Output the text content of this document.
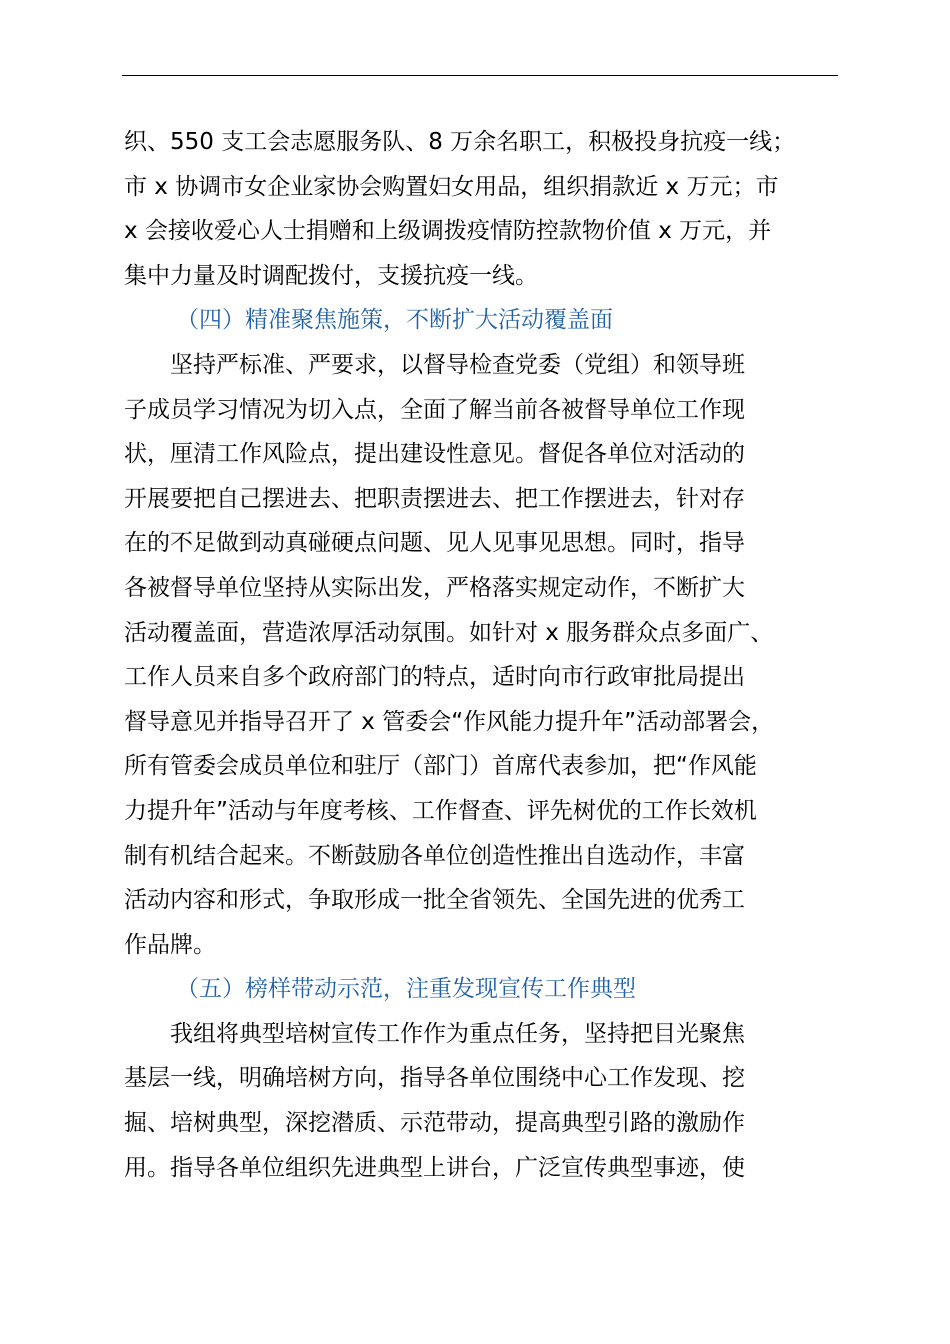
织、550 支工会志愿服务队、8 万余名职工，积极投身抗疫一线；
市 x 协调市女企业家协会购置妇女用品，组织捐款近 x 万元；市
x 会接收爱心人士捐赠和上级调拨疫情防控款物价值 x 万元，并
集中力量及时调配拨付，支援抗疫一线。
（四）精准聚焦施策，不断扩大活动覆盖面
坚持严标准、严要求，以督导检查党委（党组）和领导班
子成员学习情况为切入点，全面了解当前各被督导单位工作现
状，厘清工作风险点，提出建设性意见。督促各单位对活动的
开展要把自己摆进去、把职责摆进去、把工作摆进去，针对存
在的不足做到动真碰硬点问题、见人见事见思想。同时，指导
各被督导单位坚持从实际出发，严格落实规定动作，不断扩大
活动覆盖面，营造浓厚活动氛围。如针对 x 服务群众点多面广、
工作人员来自多个政府部门的特点，适时向市行政审批局提出
督导意见并指导召开了 x 管委会“作风能力提升年”活动部署会，
所有管委会成员单位和驻厅（部门）首席代表参加，把“作风能
力提升年”活动与年度考核、工作督查、评先树优的工作长效机
制有机结合起来。不断鼓励各单位创造性推出自选动作，丰富
活动内容和形式，争取形成一批全省领先、全国先进的优秀工
作品牌。
（五）榜样带动示范，注重发现宣传工作典型
我组将典型培树宣传工作作为重点任务，坚持把目光聚焦
基层一线，明确培树方向，指导各单位围绕中心工作发现、挖
掘、培树典型，深挖潜质、示范带动，提高典型引路的激励作
用。指导各单位组织先进典型上讲台，广泛宣传典型事迹，使
